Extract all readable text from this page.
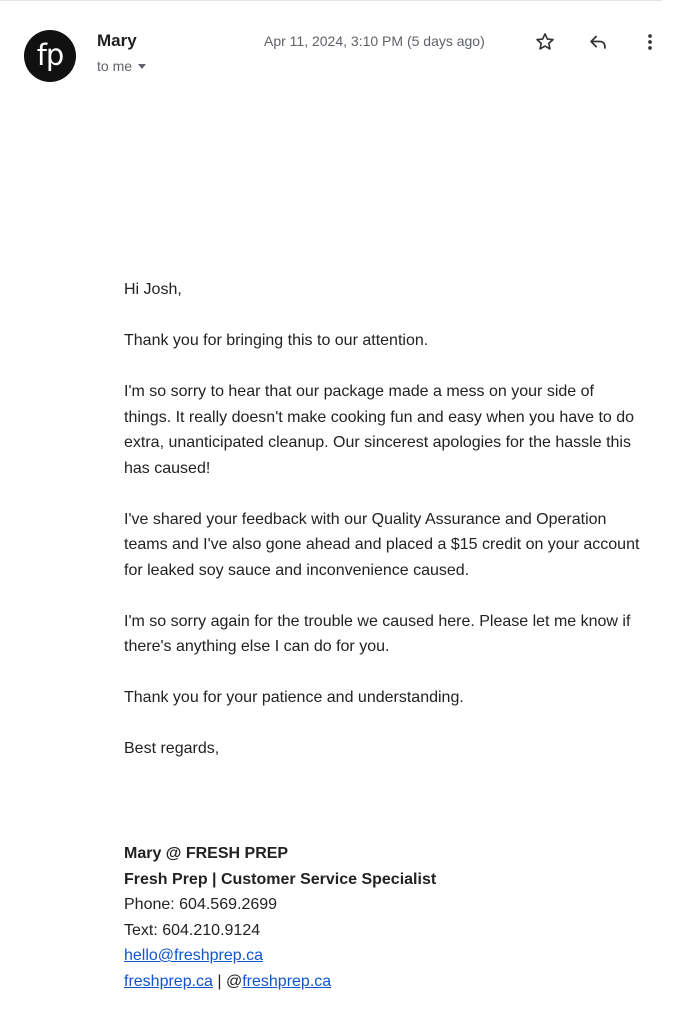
fp	Mary
to me
Apr 11, 2024, 3:10 PM (5 days ago)

Hi Josh,

Thank you for bringing this to our attention.

I'm so sorry to hear that our package made a mess on your side of things. It really doesn't make cooking fun and easy when you have to do extra, unanticipated cleanup. Our sincerest apologies for the hassle this has caused!

I've shared your feedback with our Quality Assurance and Operation teams and I've also gone ahead and placed a $15 credit on your account for leaked soy sauce and inconvenience caused.

I'm so sorry again for the trouble we caused here. Please let me know if there's anything else I can do for you.

Thank you for your patience and understanding.

Best regards,

Mary @ FRESH PREP
Fresh Prep | Customer Service Specialist
Phone: 604.569.2699
Text: 604.210.9124
hello@freshprep.ca
freshprep.ca | @freshprep.ca
